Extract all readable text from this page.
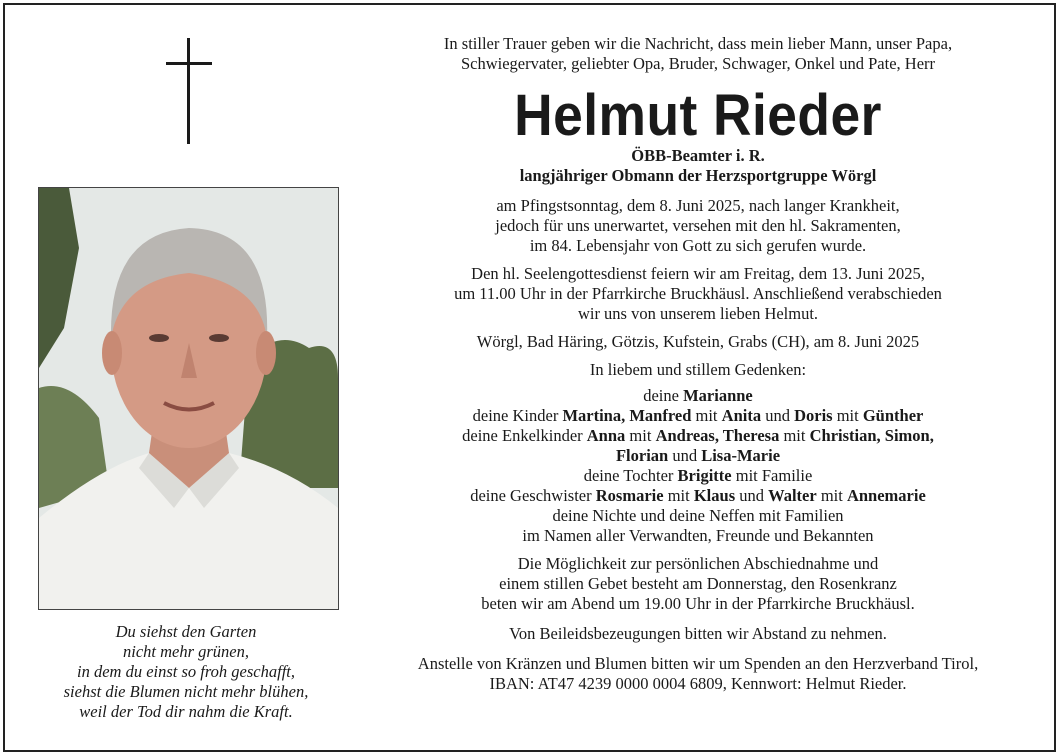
Du siehst den Garten
nicht mehr grünen,
in dem du einst so froh geschafft,
siehst die Blumen nicht mehr blühen,
weil der Tod dir nahm die Kraft.
In stiller Trauer geben wir die Nachricht, dass mein lieber Mann, unser Papa,
Schwiegervater, geliebter Opa, Bruder, Schwager, Onkel und Pate, Herr
Helmut Rieder
ÖBB-Beamter i. R.
langjähriger Obmann der Herzsportgruppe Wörgl
am Pfingstsonntag, dem 8. Juni 2025, nach langer Krankheit,
jedoch für uns unerwartet, versehen mit den hl. Sakramenten,
im 84. Lebensjahr von Gott zu sich gerufen wurde.
Den hl. Seelengottesdienst feiern wir am Freitag, dem 13. Juni 2025,
um 11.00 Uhr in der Pfarrkirche Bruckhäusl. Anschließend verabschieden
wir uns von unserem lieben Helmut.
Wörgl, Bad Häring, Götzis, Kufstein, Grabs (CH), am 8. Juni 2025
In liebem und stillem Gedenken:
deine Marianne
deine Kinder Martina, Manfred mit Anita und Doris mit Günther
deine Enkelkinder Anna mit Andreas, Theresa mit Christian, Simon,
Florian und Lisa-Marie
deine Tochter Brigitte mit Familie
deine Geschwister Rosmarie mit Klaus und Walter mit Annemarie
deine Nichte und deine Neffen mit Familien
im Namen aller Verwandten, Freunde und Bekannten
Die Möglichkeit zur persönlichen Abschiednahme und
einem stillen Gebet besteht am Donnerstag, den Rosenkranz
beten wir am Abend um 19.00 Uhr in der Pfarrkirche Bruckhäusl.
Von Beileidsbezeugungen bitten wir Abstand zu nehmen.
Anstelle von Kränzen und Blumen bitten wir um Spenden an den Herzverband Tirol,
IBAN: AT47 4239 0000 0004 6809, Kennwort: Helmut Rieder.
